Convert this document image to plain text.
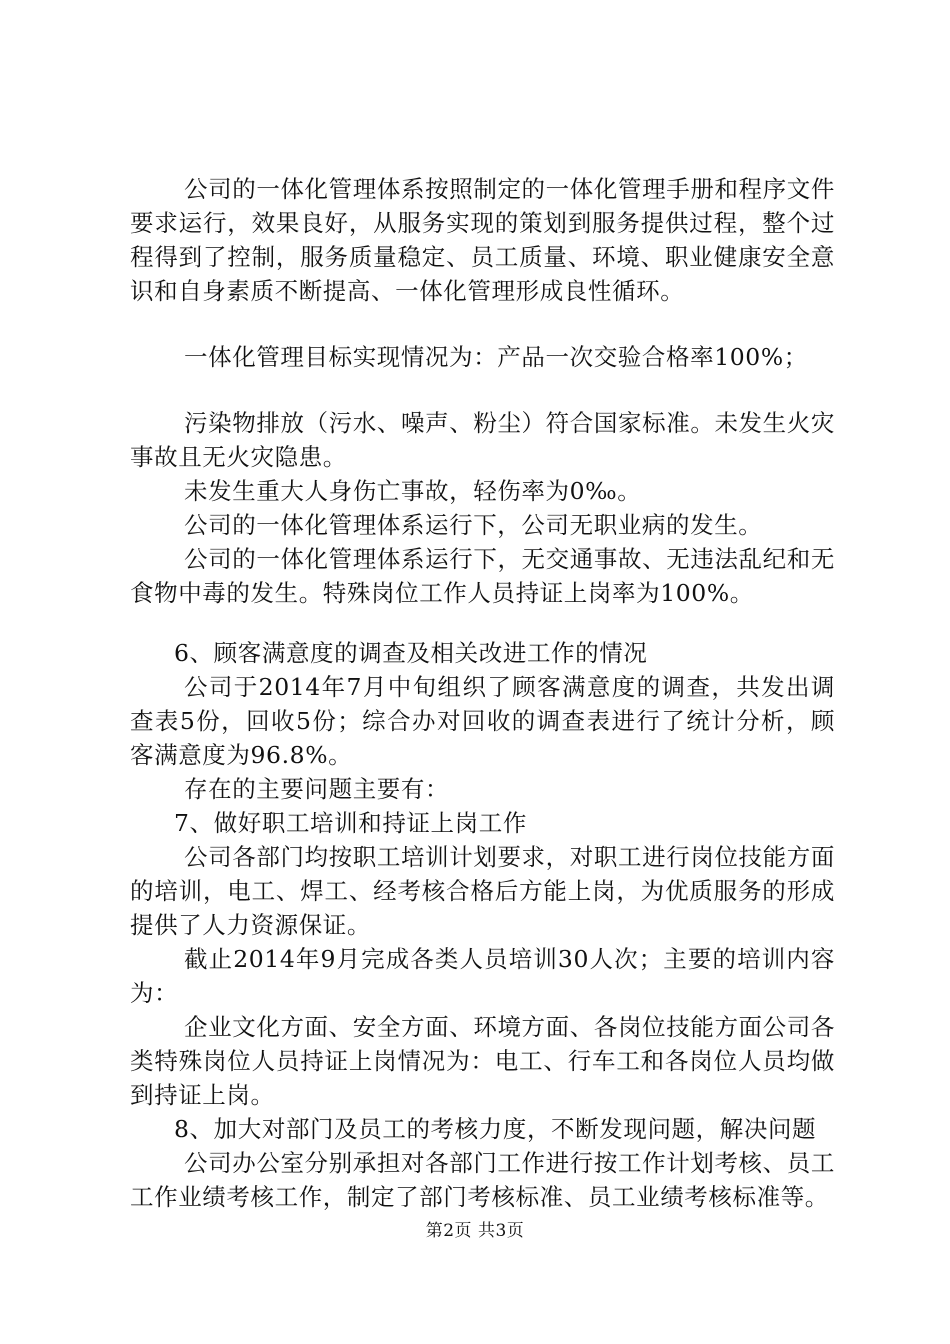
公司的一体化管理体系按照制定的一体化管理手册和程序文件要求运行，效果良好，从服务实现的策划到服务提供过程，整个过程得到了控制，服务质量稳定、员工质量、环境、职业健康安全意识和自身素质不断提高、一体化管理形成良性循环。

一体化管理目标实现情况为：产品一次交验合格率100%；

污染物排放（污水、噪声、粉尘）符合国家标准。未发生火灾事故且无火灾隐患。

未发生重大人身伤亡事故，轻伤率为0‰。

公司的一体化管理体系运行下，公司无职业病的发生。

公司的一体化管理体系运行下，无交通事故、无违法乱纪和无食物中毒的发生。特殊岗位工作人员持证上岗率为100%。

6、顾客满意度的调查及相关改进工作的情况

公司于2014年7月中旬组织了顾客满意度的调查，共发出调查表5份，回收5份；综合办对回收的调查表进行了统计分析，顾客满意度为96.8%。

存在的主要问题主要有：

7、做好职工培训和持证上岗工作

公司各部门均按职工培训计划要求，对职工进行岗位技能方面的培训，电工、焊工、经考核合格后方能上岗，为优质服务的形成提供了人力资源保证。

截止2014年9月完成各类人员培训30人次；主要的培训内容为：

企业文化方面、安全方面、环境方面、各岗位技能方面公司各类特殊岗位人员持证上岗情况为：电工、行车工和各岗位人员均做到持证上岗。

8、加大对部门及员工的考核力度，不断发现问题，解决问题

公司办公室分别承担对各部门工作进行按工作计划考核、员工工作业绩考核工作，制定了部门考核标准、员工业绩考核标准等。

第2页 共3页
